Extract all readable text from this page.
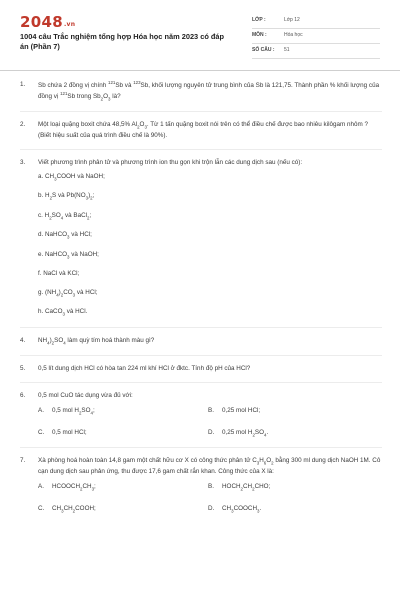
2048.vn
1004 câu Trắc nghiệm tổng hợp Hóa học năm 2023 có đáp án (Phần 7)
LỚP :	Lớp 12
MÔN :	Hóa học
SỐ CÂU : 51
1. Sb chứa 2 đồng vị chính $^{121}$Sb và $^{123}$Sb, khối lượng nguyên tử trung bình của Sb là 121,75. Thành phần % khối lượng của đồng vị $^{121}$Sb trong $Sb_2O_3$ là?

2. Một loại quặng boxit chứa 48,5% $Al_2O_3$. Từ 1 tấn quặng boxit nói trên có thể điều chế được bao nhiêu kilôgam nhôm ? (Biết hiệu suất của quá trình điều chế là 90%).

3. Viết phương trình phân tử và phương trình ion thu gọn khi trộn lẫn các dung dịch sau (nếu có):

a. $CH_3COOH$ và NaOH;
b. $H_2S$ và $Pb(NO_3)_2$;
c. $H_2SO_4$ và BaCl$_2$;
d. NaHCO$_3$ và HCl;
e. NaHCO$_3$ và NaOH;
f. NaCl và KCl;
g. $(NH_4)_2CO_3$ và HCl;
h. CaCO$_3$ và HCl.
4. $NH_4)_2SO_4$ làm quỳ tím hoá thành màu gì?

5. 0,5 lít dung dịch HCl có hòa tan 224 ml khí HCl ở đktc. Tính độ pH của HCl?

6. 0,5 mol CuO tác dụng vừa đủ với:

A. 0,5 mol $H_2SO_4$;	B. 0,25 mol HCl;
C. 0,5 mol HCl;	D. 0,25 mol $H_2SO_4$.
7. Xà phòng hoá hoàn toàn 14,8 gam một chất hữu cơ X có công thức phân tử $C_3H_6O_2$ bằng 300 ml dung dịch NaOH 1M. Cô cạn dung dịch sau phản ứng, thu được 17,6 gam chất rắn khan. Công thức của X là:

A. $HCOOCH_2CH_3$;	B. $HOCH_2CH_2CHO$;
C. $CH_3CH_2COOH$;	D. $CH_3COOCH_3$.
